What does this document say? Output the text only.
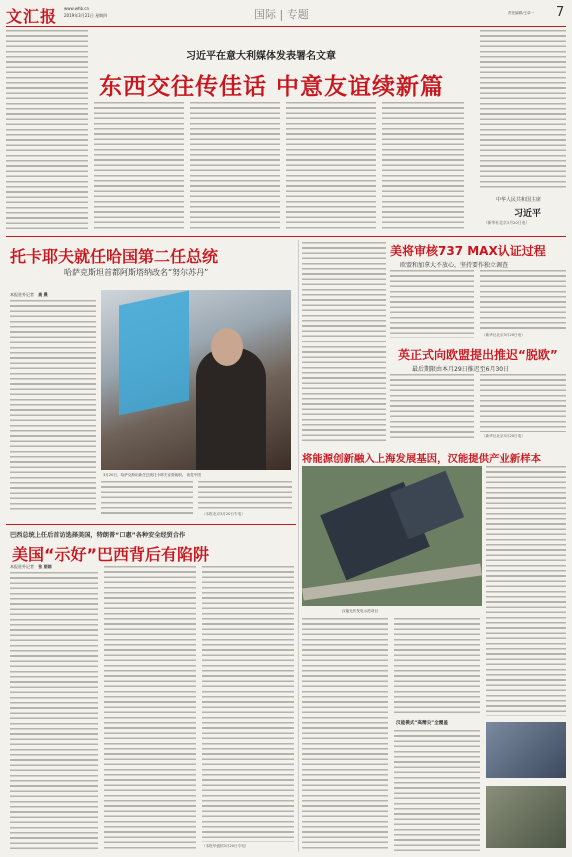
文汇报 www.whb.cn
2019年3月21日 星期四	国际 | 专题	责任编辑/王卓一 7
习近平在意大利媒体发表署名文章
东西交往传佳话 中意友谊续新篇
中华人民共和国主席
习近平
（新华社北京3月20日电）
托卡耶夫就任哈国第二任总统
哈萨克斯坦首都阿斯塔纳改名“努尔苏丹”
本报驻外记者 高 晨
3月20日，哈萨克斯坦新任总统托卡耶夫宣誓就职。 视觉中国
（本报北京3月20日专电）
美将审核737 MAX认证过程
欧盟和加拿大不放心，坚持要作独立调查
（新华社北京3月20日电）
英正式向欧盟提出推迟“脱欧”
最后期限由本月29日推迟至6月30日
（新华社北京3月20日电）
将能源创新融入上海发展基因，汉能提供产业新样本
汉能光伏发电示范项目
汉能模式“高精尖”全覆盖
巴西总统上任后首访选择美国，特朗普“口惠”各种安全经贸合作
美国“示好”巴西背后有陷阱
本报驻外记者 张 丽娟
（本报华盛顿3月20日专电）
